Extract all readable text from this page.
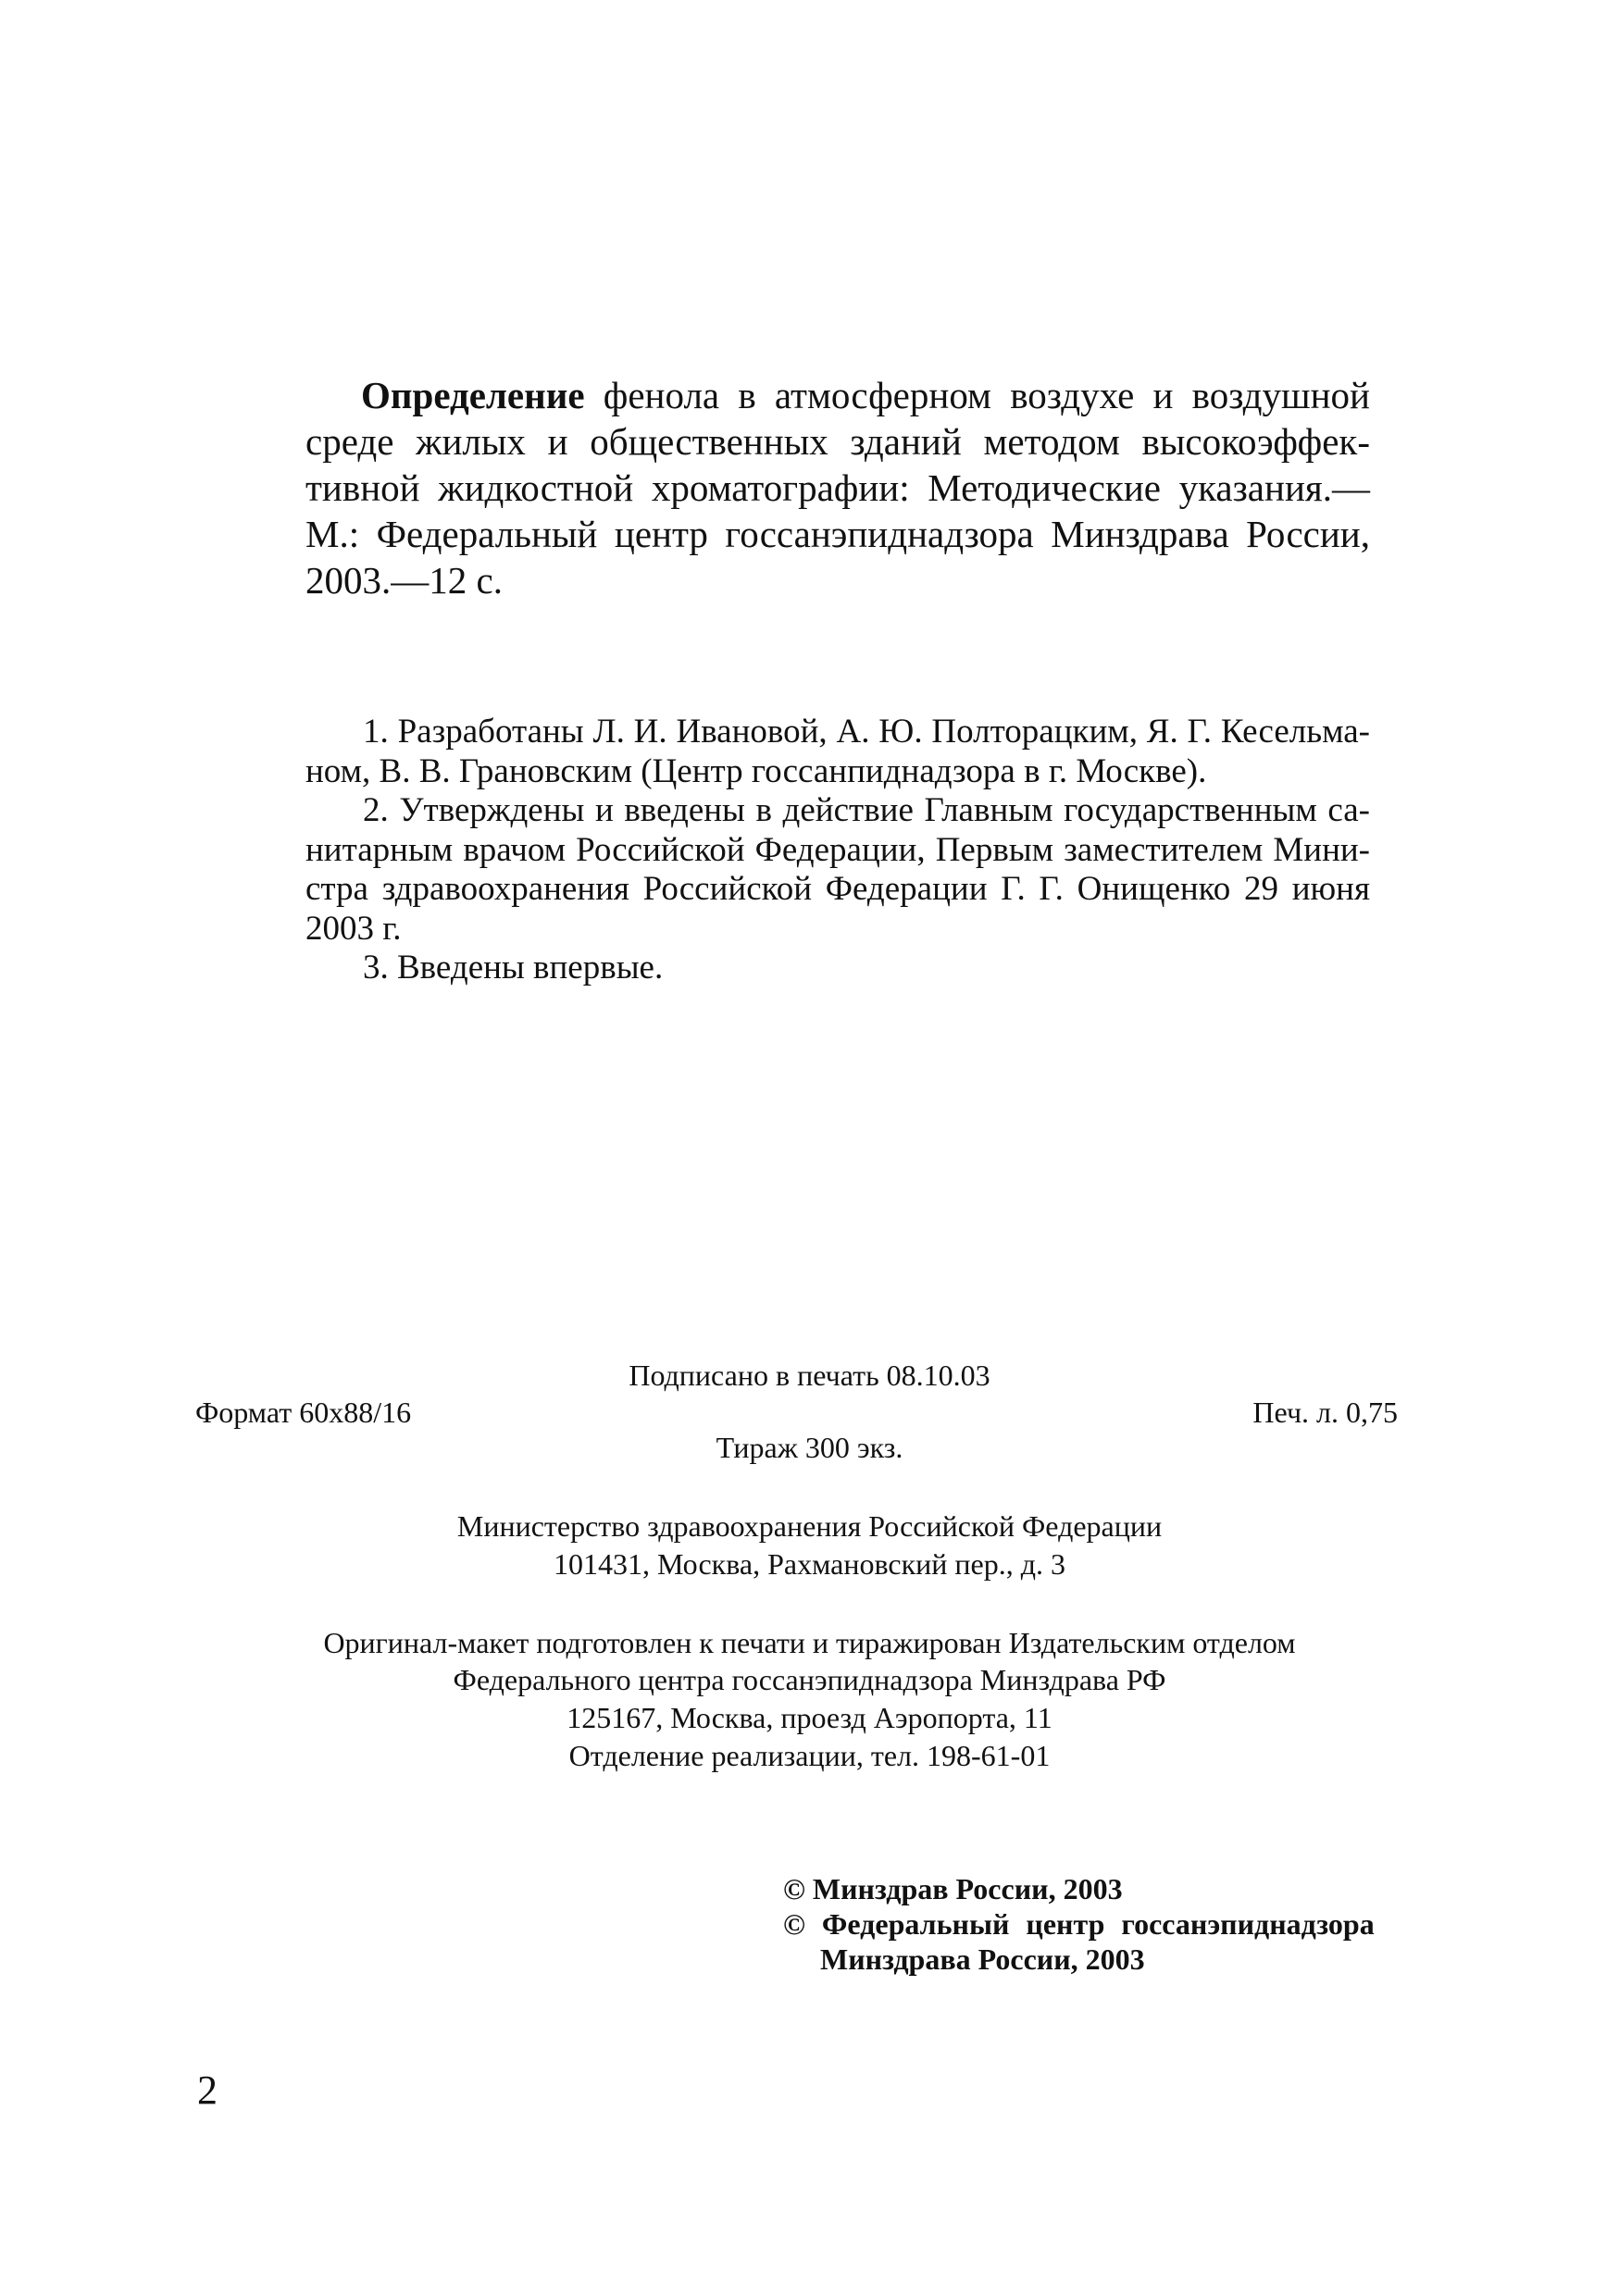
Определение фенола в атмосферном воздухе и воздушной
среде жилых и общественных зданий методом высокоэффек-
тивной жидкостной хроматографии: Методические указания.—
М.: Федеральный центр госсанэпиднадзора Минздрава России,
2003.—12 с.
1. Разработаны Л. И. Ивановой, А. Ю. Полторацким, Я. Г. Кесельма-
ном, В. В. Грановским (Центр госсанпиднадзора в г. Москве).
2. Утверждены и введены в действие Главным государственным са-
нитарным врачом Российской Федерации, Первым заместителем Мини-
стра здравоохранения Российской Федерации Г. Г. Онищенко 29 июня
2003 г.
3. Введены впервые.
Подписано в печать 08.10.03
Формат 60x88/16	Печ. л. 0,75
Тираж 300 экз.
Министерство здравоохранения Российской Федерации
101431, Москва, Рахмановский пер., д. 3
Оригинал-макет подготовлен к печати и тиражирован Издательским отделом
Федерального центра госсанэпиднадзора Минздрава РФ
125167, Москва, проезд Аэропорта, 11
Отделение реализации, тел. 198-61-01
© Минздрав России, 2003
© Федеральный центр госсанэпиднадзора
Минздрава России, 2003
2
